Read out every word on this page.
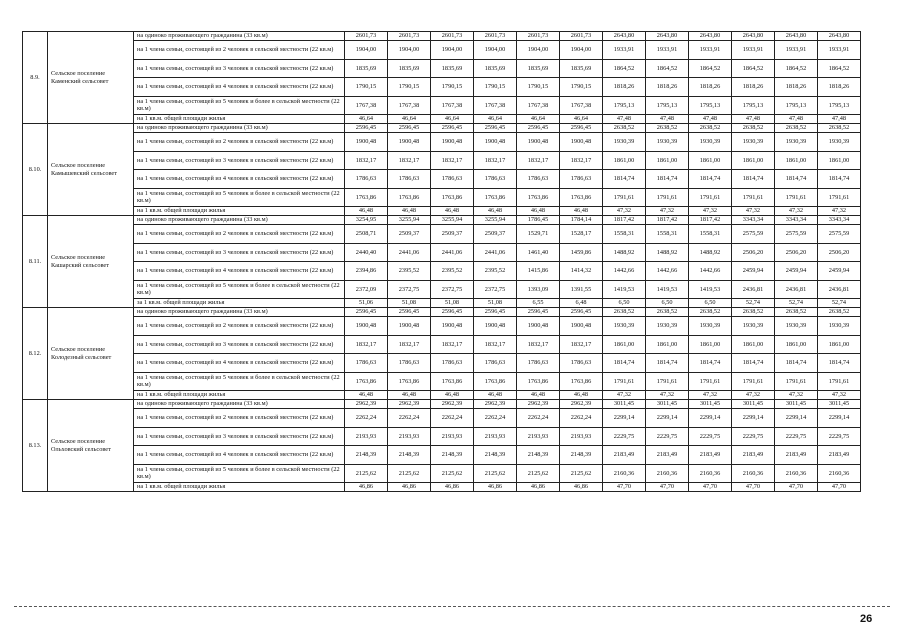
8.9.	Сельское поселение Каменский сельсовет	на одиноко проживающего гражданина (33 кв.м)	2601,73	2601,73	2601,73	2601,73	2601,73	2601,73	2643,80	2643,80	2643,80	2643,80	2643,80	2643,80
		на 1 члена семьи, состоящей из 2 человек в сельской местности (22 кв.м)	1904,00	1904,00	1904,00	1904,00	1904,00	1904,00	1933,91	1933,91	1933,91	1933,91	1933,91	1933,91
		на 1 члена семьи, состоящей из 3 человек в сельской местности (22 кв.м)	1835,69	1835,69	1835,69	1835,69	1835,69	1835,69	1864,52	1864,52	1864,52	1864,52	1864,52	1864,52
		на 1 члена семьи, состоящей из 4 человек в сельской местности (22 кв.м)	1790,15	1790,15	1790,15	1790,15	1790,15	1790,15	1818,26	1818,26	1818,26	1818,26	1818,26	1818,26
		на 1 члена семьи, состоящей из 5 человек и более в сельской местности (22 кв.м)	1767,38	1767,38	1767,38	1767,38	1767,38	1767,38	1795,13	1795,13	1795,13	1795,13	1795,13	1795,13
		на 1 кв.м. общей площади жилья	46,64	46,64	46,64	46,64	46,64	46,64	47,48	47,48	47,48	47,48	47,48	47,48
8.10.	Сельское поселение Камышевский сельсовет	на одиноко проживающего гражданина (33 кв.м)	2596,45	2596,45	2596,45	2596,45	2596,45	2596,45	2638,52	2638,52	2638,52	2638,52	2638,52	2638,52
		на 1 члена семьи, состоящей из 2 человек в сельской местности (22 кв.м)	1900,48	1900,48	1900,48	1900,48	1900,48	1900,48	1930,39	1930,39	1930,39	1930,39	1930,39	1930,39
		на 1 члена семьи, состоящей из 3 человек в сельской местности (22 кв.м)	1832,17	1832,17	1832,17	1832,17	1832,17	1832,17	1861,00	1861,00	1861,00	1861,00	1861,00	1861,00
		на 1 члена семьи, состоящей из 4 человек в сельской местности (22 кв.м)	1786,63	1786,63	1786,63	1786,63	1786,63	1786,63	1814,74	1814,74	1814,74	1814,74	1814,74	1814,74
		на 1 члена семьи, состоящей из 5 человек и более в сельской местности (22 кв.м)	1763,86	1763,86	1763,86	1763,86	1763,86	1763,86	1791,61	1791,61	1791,61	1791,61	1791,61	1791,61
		на 1 кв.м. общей площади жилья	46,48	46,48	46,48	46,48	46,48	46,48	47,32	47,32	47,32	47,32	47,32	47,32
8.11.	Сельское поселение Кашарский сельсовет	на одиноко проживающего гражданина (33 кв.м)	3254,95	3255,94	3255,94	3255,94	1786,45	1784,14	1817,42	1817,42	1817,42	3343,34	3343,34	3343,34
		на 1 члена семьи, состоящей из 2 человек в сельской местности (22 кв.м)	2508,71	2509,37	2509,37	2509,37	1529,71	1528,17	1558,31	1558,31	1558,31	2575,59	2575,59	2575,59
		на 1 члена семьи, состоящей из 3 человек в сельской местности (22 кв.м)	2440,40	2441,06	2441,06	2441,06	1461,40	1459,86	1488,92	1488,92	1488,92	2506,20	2506,20	2506,20
		на 1 члена семьи, состоящей из 4 человек в сельской местности (22 кв.м)	2394,86	2395,52	2395,52	2395,52	1415,86	1414,32	1442,66	1442,66	1442,66	2459,94	2459,94	2459,94
		на 1 члена семьи, состоящей из 5 человек и более в сельской местности (22 кв.м)	2372,09	2372,75	2372,75	2372,75	1393,09	1391,55	1419,53	1419,53	1419,53	2436,81	2436,81	2436,81
		за 1 кв.м. общей площади жилья	51,06	51,08	51,08	51,08	6,55	6,48	6,50	6,50	6,50	52,74	52,74	52,74
8.12.	Сельское поселение Колодезный сельсовет	на одиноко проживающего гражданина (33 кв.м)	2596,45	2596,45	2596,45	2596,45	2596,45	2596,45	2638,52	2638,52	2638,52	2638,52	2638,52	2638,52
		на 1 члена семьи, состоящей из 2 человек в сельской местности (22 кв.м)	1900,48	1900,48	1900,48	1900,48	1900,48	1900,48	1930,39	1930,39	1930,39	1930,39	1930,39	1930,39
		на 1 члена семьи, состоящей из 3 человек в сельской местности (22 кв.м)	1832,17	1832,17	1832,17	1832,17	1832,17	1832,17	1861,00	1861,00	1861,00	1861,00	1861,00	1861,00
		на 1 члена семьи, состоящей из 4 человек в сельской местности (22 кв.м)	1786,63	1786,63	1786,63	1786,63	1786,63	1786,63	1814,74	1814,74	1814,74	1814,74	1814,74	1814,74
		на 1 члена семьи, состоящей из 5 человек и более в сельской местности (22 кв.м)	1763,86	1763,86	1763,86	1763,86	1763,86	1763,86	1791,61	1791,61	1791,61	1791,61	1791,61	1791,61
		на 1 кв.м. общей площади жилья	46,48	46,48	46,48	46,48	46,48	46,48	47,32	47,32	47,32	47,32	47,32	47,32
8.13.	Сельское поселение Ольховский сельсовет	на одиноко проживающего гражданина (33 кв.м)	2962,39	2962,39	2962,39	2962,39	2962,39	2962,39	3011,45	3011,45	3011,45	3011,45	3011,45	3011,45
		на 1 члена семьи, состоящей из 2 человек в сельской местности (22 кв.м)	2262,24	2262,24	2262,24	2262,24	2262,24	2262,24	2299,14	2299,14	2299,14	2299,14	2299,14	2299,14
		на 1 члена семьи, состоящей из 3 человек в сельской местности (22 кв.м)	2193,93	2193,93	2193,93	2193,93	2193,93	2193,93	2229,75	2229,75	2229,75	2229,75	2229,75	2229,75
		на 1 члена семьи, состоящей из 4 человек в сельской местности (22 кв.м)	2148,39	2148,39	2148,39	2148,39	2148,39	2148,39	2183,49	2183,49	2183,49	2183,49	2183,49	2183,49
		на 1 члена семьи, состоящей из 5 человек и более в сельской местности (22 кв.м)	2125,62	2125,62	2125,62	2125,62	2125,62	2125,62	2160,36	2160,36	2160,36	2160,36	2160,36	2160,36
		на 1 кв.м. общей площади жилья	46,86	46,86	46,86	46,86	46,86	46,86	47,70	47,70	47,70	47,70	47,70	47,70
26
